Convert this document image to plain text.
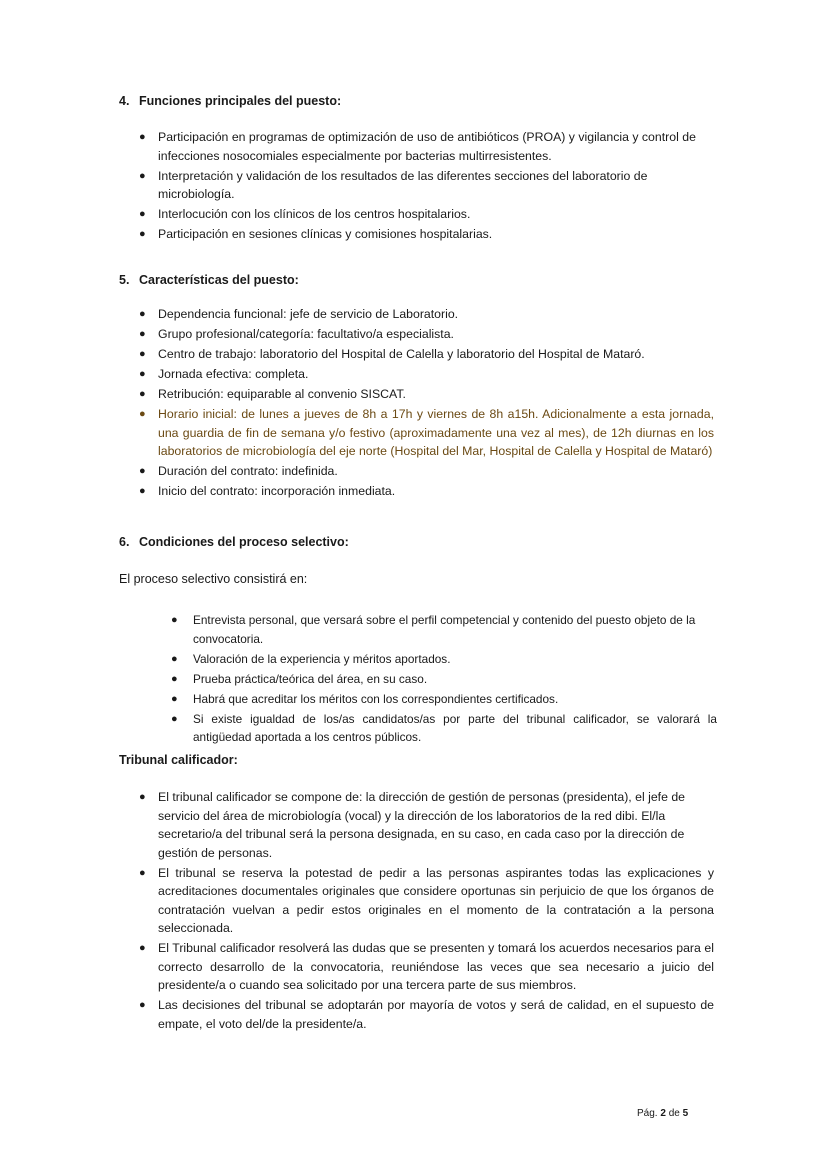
4. Funciones principales del puesto:
● Participación en programas de optimización de uso de antibióticos (PROA) y vigilancia y control de infecciones nosocomiales especialmente por bacterias multirresistentes.
● Interpretación y validación de los resultados de las diferentes secciones del laboratorio de microbiología.
● Interlocución con los clínicos de los centros hospitalarios.
● Participación en sesiones clínicas y comisiones hospitalarias.
5. Características del puesto:
● Dependencia funcional: jefe de servicio de Laboratorio.
● Grupo profesional/categoría: facultativo/a especialista.
● Centro de trabajo: laboratorio del Hospital de Calella y laboratorio del Hospital de Mataró.
● Jornada efectiva: completa.
● Retribución: equiparable al convenio SISCAT.
● Horario inicial: de lunes a jueves de 8h a 17h y viernes de 8h a15h. Adicionalmente a esta jornada, una guardia de fin de semana y/o festivo (aproximadamente una vez al mes), de 12h diurnas en los laboratorios de microbiología del eje norte (Hospital del Mar, Hospital de Calella y Hospital de Mataró)
● Duración del contrato: indefinida.
● Inicio del contrato: incorporación inmediata.
6. Condiciones del proceso selectivo:
El proceso selectivo consistirá en:
● Entrevista personal, que versará sobre el perfil competencial y contenido del puesto objeto de la convocatoria.
● Valoración de la experiencia y méritos aportados.
● Prueba práctica/teórica del área, en su caso.
● Habrá que acreditar los méritos con los correspondientes certificados.
● Si existe igualdad de los/as candidatos/as por parte del tribunal calificador, se valorará la antigüedad aportada a los centros públicos.
Tribunal calificador:
● El tribunal calificador se compone de: la dirección de gestión de personas (presidenta), el jefe de servicio del área de microbiología (vocal) y la dirección de los laboratorios de la red dibi. El/la secretario/a del tribunal será la persona designada, en su caso, en cada caso por la dirección de gestión de personas.
● El tribunal se reserva la potestad de pedir a las personas aspirantes todas las explicaciones y acreditaciones documentales originales que considere oportunas sin perjuicio de que los órganos de contratación vuelvan a pedir estos originales en el momento de la contratación a la persona seleccionada.
● El Tribunal calificador resolverá las dudas que se presenten y tomará los acuerdos necesarios para el correcto desarrollo de la convocatoria, reuniéndose las veces que sea necesario a juicio del presidente/a o cuando sea solicitado por una tercera parte de sus miembros.
● Las decisiones del tribunal se adoptarán por mayoría de votos y será de calidad, en el supuesto de empate, el voto del/de la presidente/a.
Pág. 2 de 5
